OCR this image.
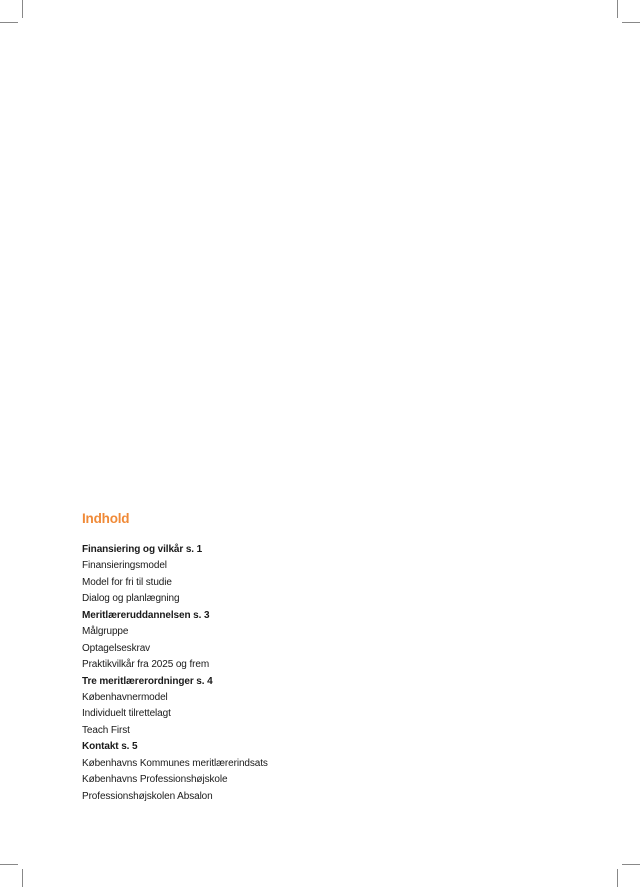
Indhold
Finansiering og vilkår s. 1
Finansieringsmodel
Model for fri til studie
Dialog og planlægning
Meritlæreruddannelsen s. 3
Målgruppe
Optagelseskrav
Praktikvilkår fra 2025 og frem
Tre meritlærerordninger s. 4
Københavnermodel
Individuelt tilrettelagt
Teach First
Kontakt s. 5
Københavns Kommunes meritlærerindsats
Københavns Professionshøjskole
Professionshøjskolen Absalon
